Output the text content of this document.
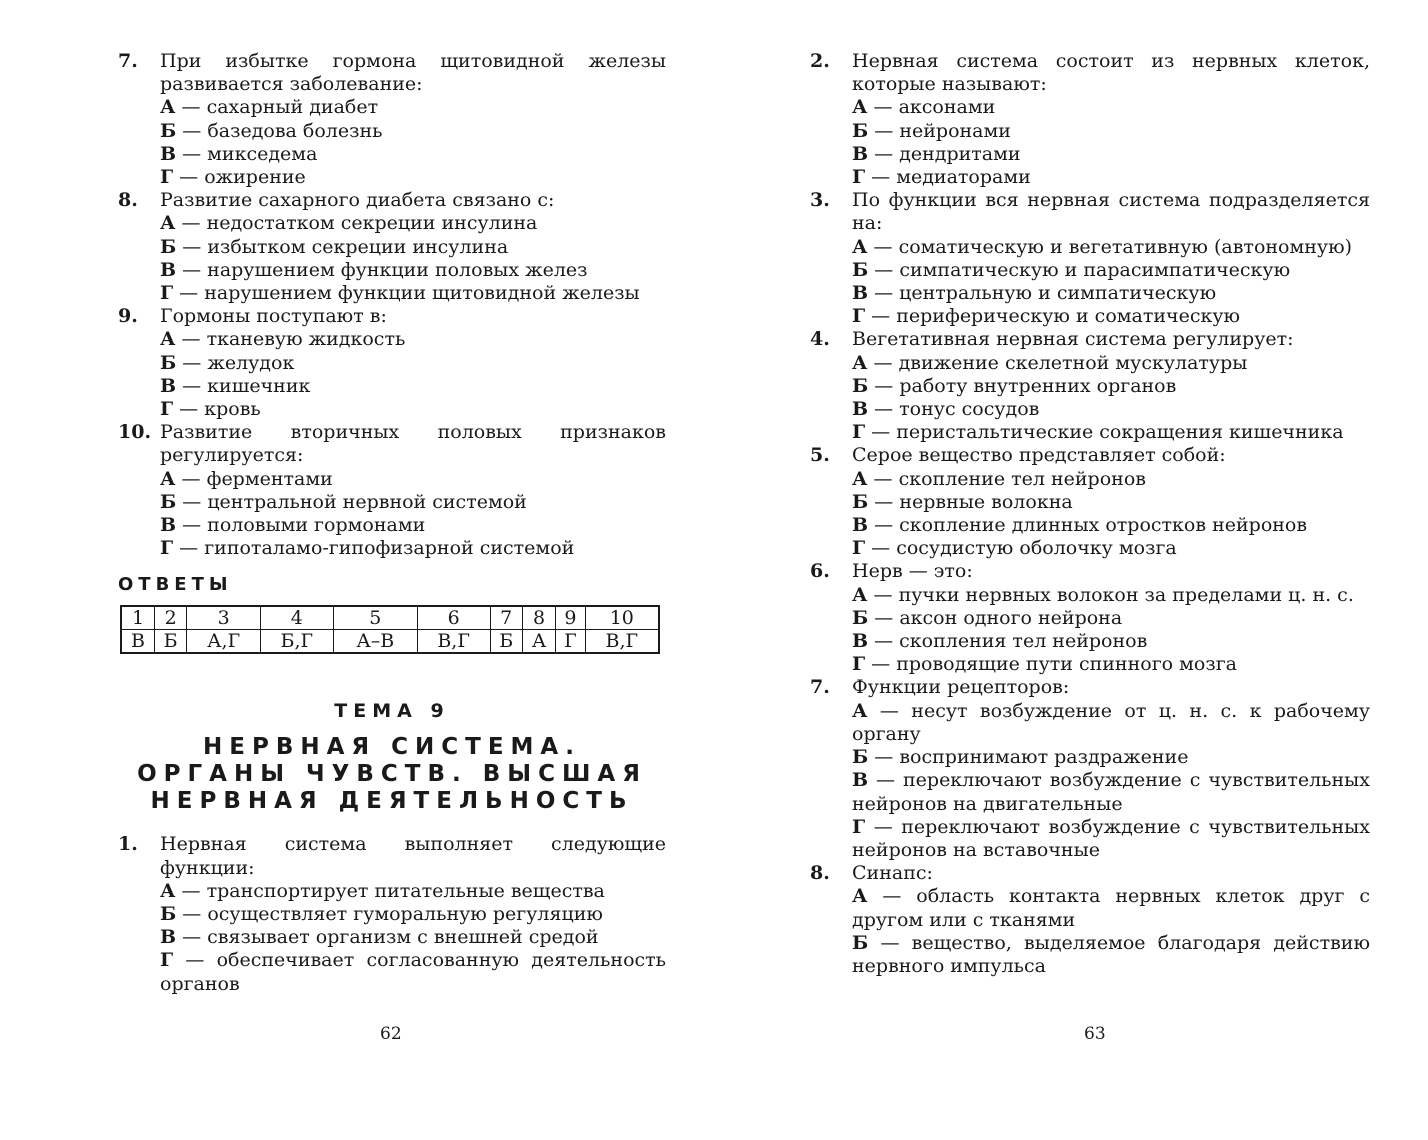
7.	При избытке гормона щитовидной железы развивается заболевание:
А — сахарный диабет
Б — базедова болезнь
В — микседема
Г — ожирение
8.	Развитие сахарного диабета связано с:
А — недостатком секреции инсулина
Б — избытком секреции инсулина
В — нарушением функции половых желез
Г — нарушением функции щитовидной железы
9.	Гормоны поступают в:
А — тканевую жидкость
Б — желудок
В — кишечник
Г — кровь
10. Развитие вторичных половых признаков регулируется:
А — ферментами
Б — центральной нервной системой
В — половыми гормонами
Г — гипоталамо-гипофизарной системой
ОТВЕТЫ
1	2	3	4	5	6	7	8	9	10
В	Б	А,Г	Б,Г	А–В	В,Г	Б	А	Г	В,Г
ТЕМА 9
НЕРВНАЯ СИСТЕМА.
ОРГАНЫ ЧУВСТВ. ВЫСШАЯ
НЕРВНАЯ ДЕЯТЕЛЬНОСТЬ
1.	Нервная система выполняет следующие функции:
А — транспортирует питательные вещества
Б — осуществляет гуморальную регуляцию
В — связывает организм с внешней средой
Г — обеспечивает согласованную деятельность органов
62
2.	Нервная система состоит из нервных клеток, которые называют:
А — аксонами
Б — нейронами
В — дендритами
Г — медиаторами
3.	По функции вся нервная система подразделяется на:
А — соматическую и вегетативную (автономную)
Б — симпатическую и парасимпатическую
В — центральную и симпатическую
Г — периферическую и соматическую
4.	Вегетативная нервная система регулирует:
А — движение скелетной мускулатуры
Б — работу внутренних органов
В — тонус сосудов
Г — перистальтические сокращения кишечника
5.	Серое вещество представляет собой:
А — скопление тел нейронов
Б — нервные волокна
В — скопление длинных отростков нейронов
Г — сосудистую оболочку мозга
6.	Нерв — это:
А — пучки нервных волокон за пределами ц. н. с.
Б — аксон одного нейрона
В — скопления тел нейронов
Г — проводящие пути спинного мозга
7.	Функции рецепторов:
А — несут возбуждение от ц. н. с. к рабочему органу
Б — воспринимают раздражение
В — переключают возбуждение с чувствительных нейронов на двигательные
Г — переключают возбуждение с чувствительных нейронов на вставочные
8.	Синапс:
А — область контакта нервных клеток друг с другом или с тканями
Б — вещество, выделяемое благодаря действию нервного импульса
63
